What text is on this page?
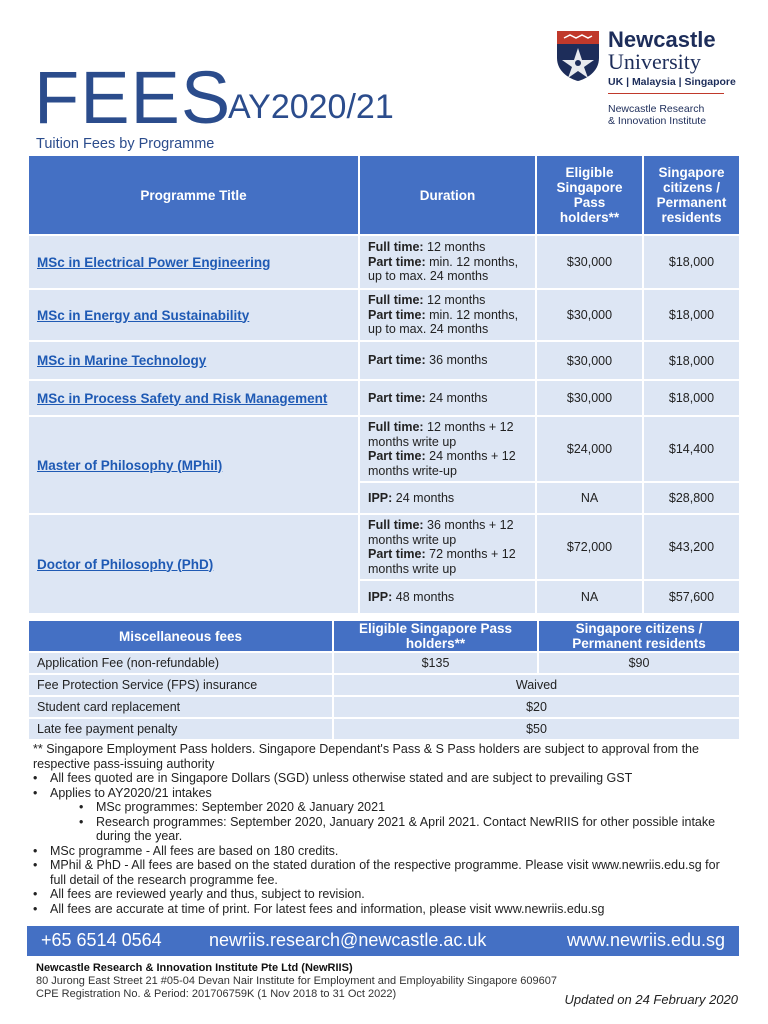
FEES
AY2020/21
Tuition Fees by Programme
Newcastle
University
UK | Malaysia | Singapore
Newcastle Research
& Innovation Institute
Programme Title	Duration	Eligible Singapore Pass holders**	Singapore citizens / Permanent residents
MSc in Electrical Power Engineering	Full time: 12 months
Part time: min. 12 months, up to max. 24 months	$30,000	$18,000
MSc in Energy and Sustainability	Full time: 12 months
Part time: min. 12 months, up to max. 24 months	$30,000	$18,000
MSc in Marine Technology	Part time: 36 months	$30,000	$18,000
MSc in Process Safety and Risk Management	Part time: 24 months	$30,000	$18,000
Master of Philosophy (MPhil)	Full time: 12 months + 12 months write up
Part time: 24 months + 12 months write-up	$24,000	$14,400
	IPP: 24 months	NA	$28,800
Doctor of Philosophy (PhD)	Full time: 36 months + 12 months write up
Part time: 72 months + 12 months write up	$72,000	$43,200
	IPP: 48 months	NA	$57,600
Miscellaneous fees	Eligible Singapore Pass holders**	Singapore citizens / Permanent residents
Application Fee (non-refundable)	$135	$90
Fee Protection Service (FPS) insurance	Waived	
Student card replacement	$20	
Late fee payment penalty	$50	

** Singapore Employment Pass holders. Singapore Dependant's Pass & S Pass holders are subject to approval from the respective pass-issuing authority

• All fees quoted are in Singapore Dollars (SGD) unless otherwise stated and are subject to prevailing GST
• Applies to AY2020/21 intakes
• MSc programmes: September 2020 & January 2021
• Research programmes: September 2020, January 2021 & April 2021. Contact NewRIIS for other possible intake during the year.
• MSc programme - All fees are based on 180 credits.
• MPhil & PhD - All fees are based on the stated duration of the respective programme. Please visit www.newriis.edu.sg for full detail of the research programme fee.
• All fees are reviewed yearly and thus, subject to revision.
• All fees are accurate at time of print. For latest fees and information, please visit www.newriis.edu.sg
+65 6514 0564	newriis.research@newcastle.ac.uk	www.newriis.edu.sg
Newcastle Research & Innovation Institute Pte Ltd (NewRIIS)
80 Jurong East Street 21 #05-04 Devan Nair Institute for Employment and Employability Singapore 609607
CPE Registration No. & Period: 201706759K (1 Nov 2018 to 31 Oct 2022)	Updated on 24 February 2020
